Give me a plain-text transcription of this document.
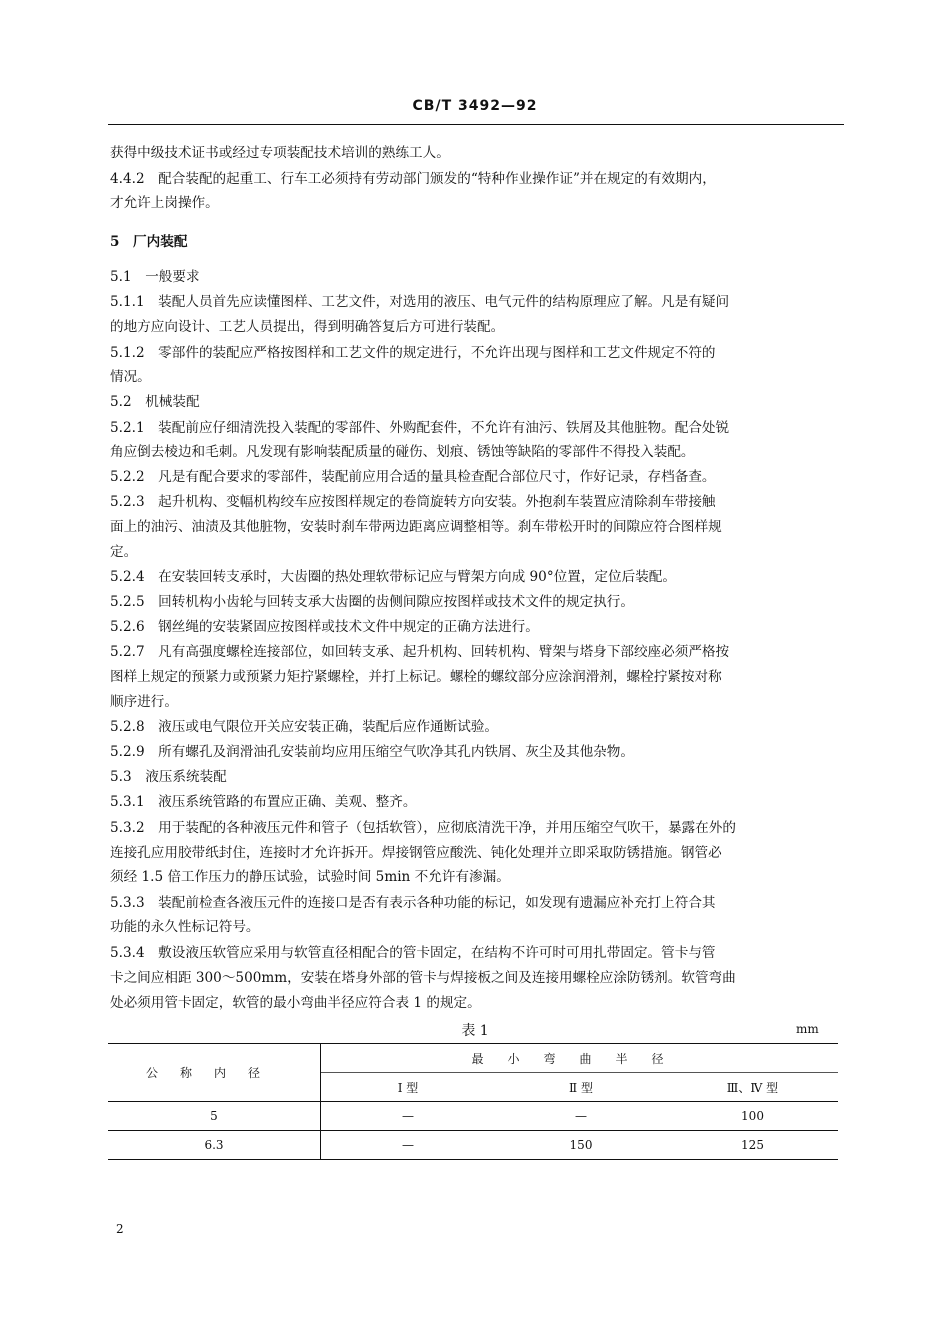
CB/T 3492—92
获得中级技术证书或经过专项装配技术培训的熟练工人。
4.4.2　配合装配的起重工、行车工必须持有劳动部门颁发的“特种作业操作证”并在规定的有效期内，
才允许上岗操作。
5　厂内装配
5.1　一般要求
5.1.1　装配人员首先应读懂图样、工艺文件，对选用的液压、电气元件的结构原理应了解。凡是有疑问
的地方应向设计、工艺人员提出，得到明确答复后方可进行装配。
5.1.2　零部件的装配应严格按图样和工艺文件的规定进行，不允许出现与图样和工艺文件规定不符的
情况。
5.2　机械装配
5.2.1　装配前应仔细清洗投入装配的零部件、外购配套件，不允许有油污、铁屑及其他脏物。配合处锐
角应倒去棱边和毛刺。凡发现有影响装配质量的碰伤、划痕、锈蚀等缺陷的零部件不得投入装配。
5.2.2　凡是有配合要求的零部件，装配前应用合适的量具检查配合部位尺寸，作好记录，存档备查。
5.2.3　起升机构、变幅机构绞车应按图样规定的卷筒旋转方向安装。外抱刹车装置应清除刹车带接触
面上的油污、油渍及其他脏物，安装时刹车带两边距离应调整相等。刹车带松开时的间隙应符合图样规
定。
5.2.4　在安装回转支承时，大齿圈的热处理软带标记应与臂架方向成 90°位置，定位后装配。
5.2.5　回转机构小齿轮与回转支承大齿圈的齿侧间隙应按图样或技术文件的规定执行。
5.2.6　钢丝绳的安装紧固应按图样或技术文件中规定的正确方法进行。
5.2.7　凡有高强度螺栓连接部位，如回转支承、起升机构、回转机构、臂架与塔身下部绞座必须严格按
图样上规定的预紧力或预紧力矩拧紧螺栓，并打上标记。螺栓的螺纹部分应涂润滑剂，螺栓拧紧按对称
顺序进行。
5.2.8　液压或电气限位开关应安装正确，装配后应作通断试验。
5.2.9　所有螺孔及润滑油孔安装前均应用压缩空气吹净其孔内铁屑、灰尘及其他杂物。
5.3　液压系统装配
5.3.1　液压系统管路的布置应正确、美观、整齐。
5.3.2　用于装配的各种液压元件和管子（包括软管），应彻底清洗干净，并用压缩空气吹干，暴露在外的
连接孔应用胶带纸封住，连接时才允许拆开。焊接钢管应酸洗、钝化处理并立即采取防锈措施。钢管必
须经 1.5 倍工作压力的静压试验，试验时间 5min 不允许有渗漏。
5.3.3　装配前检查各液压元件的连接口是否有表示各种功能的标记，如发现有遗漏应补充打上符合其
功能的永久性标记符号。
5.3.4　敷设液压软管应采用与软管直径相配合的管卡固定，在结构不许可时可用扎带固定。管卡与管
卡之间应相距 300～500mm，安装在塔身外部的管卡与焊接板之间及连接用螺栓应涂防锈剂。软管弯曲
处必须用管卡固定，软管的最小弯曲半径应符合表 1 的规定。
表 1	mm
公称内径	最小弯曲半径		
	Ⅰ 型	Ⅱ 型	Ⅲ、Ⅳ 型
5	—	—	100
6.3	—	150	125
2
